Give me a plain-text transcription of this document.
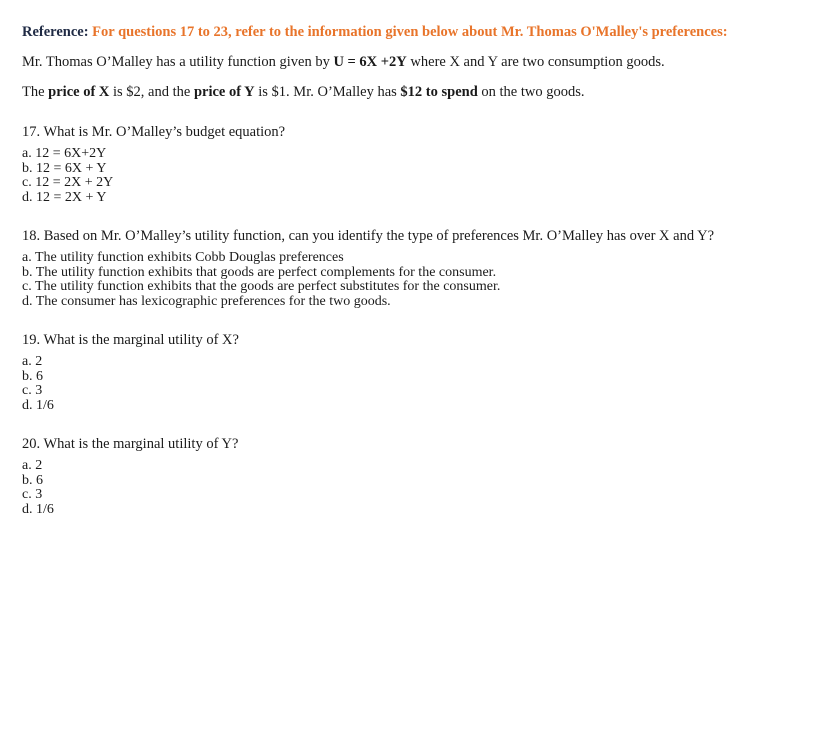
Reference: For questions 17 to 23, refer to the information given below about Mr. Thomas O'Malley's preferences:

Mr. Thomas O’Malley has a utility function given by U = 6X +2Y where X and Y are two consumption goods.

The price of X is $2, and the price of Y is $1. Mr. O’Malley has $12 to spend on the two goods.

17. What is Mr. O’Malley’s budget equation?

a. 12 = 6X+2Y
b. 12 = 6X + Y
c. 12 = 2X + 2Y
d. 12 = 2X + Y

18. Based on Mr. O’Malley’s utility function, can you identify the type of preferences Mr. O’Malley has over X and Y?

a. The utility function exhibits Cobb Douglas preferences
b. The utility function exhibits that goods are perfect complements for the consumer.
c. The utility function exhibits that the goods are perfect substitutes for the consumer.
d. The consumer has lexicographic preferences for the two goods.

19. What is the marginal utility of X?

a. 2
b. 6
c. 3
d. 1/6

20. What is the marginal utility of Y?

a. 2
b. 6
c. 3
d. 1/6
